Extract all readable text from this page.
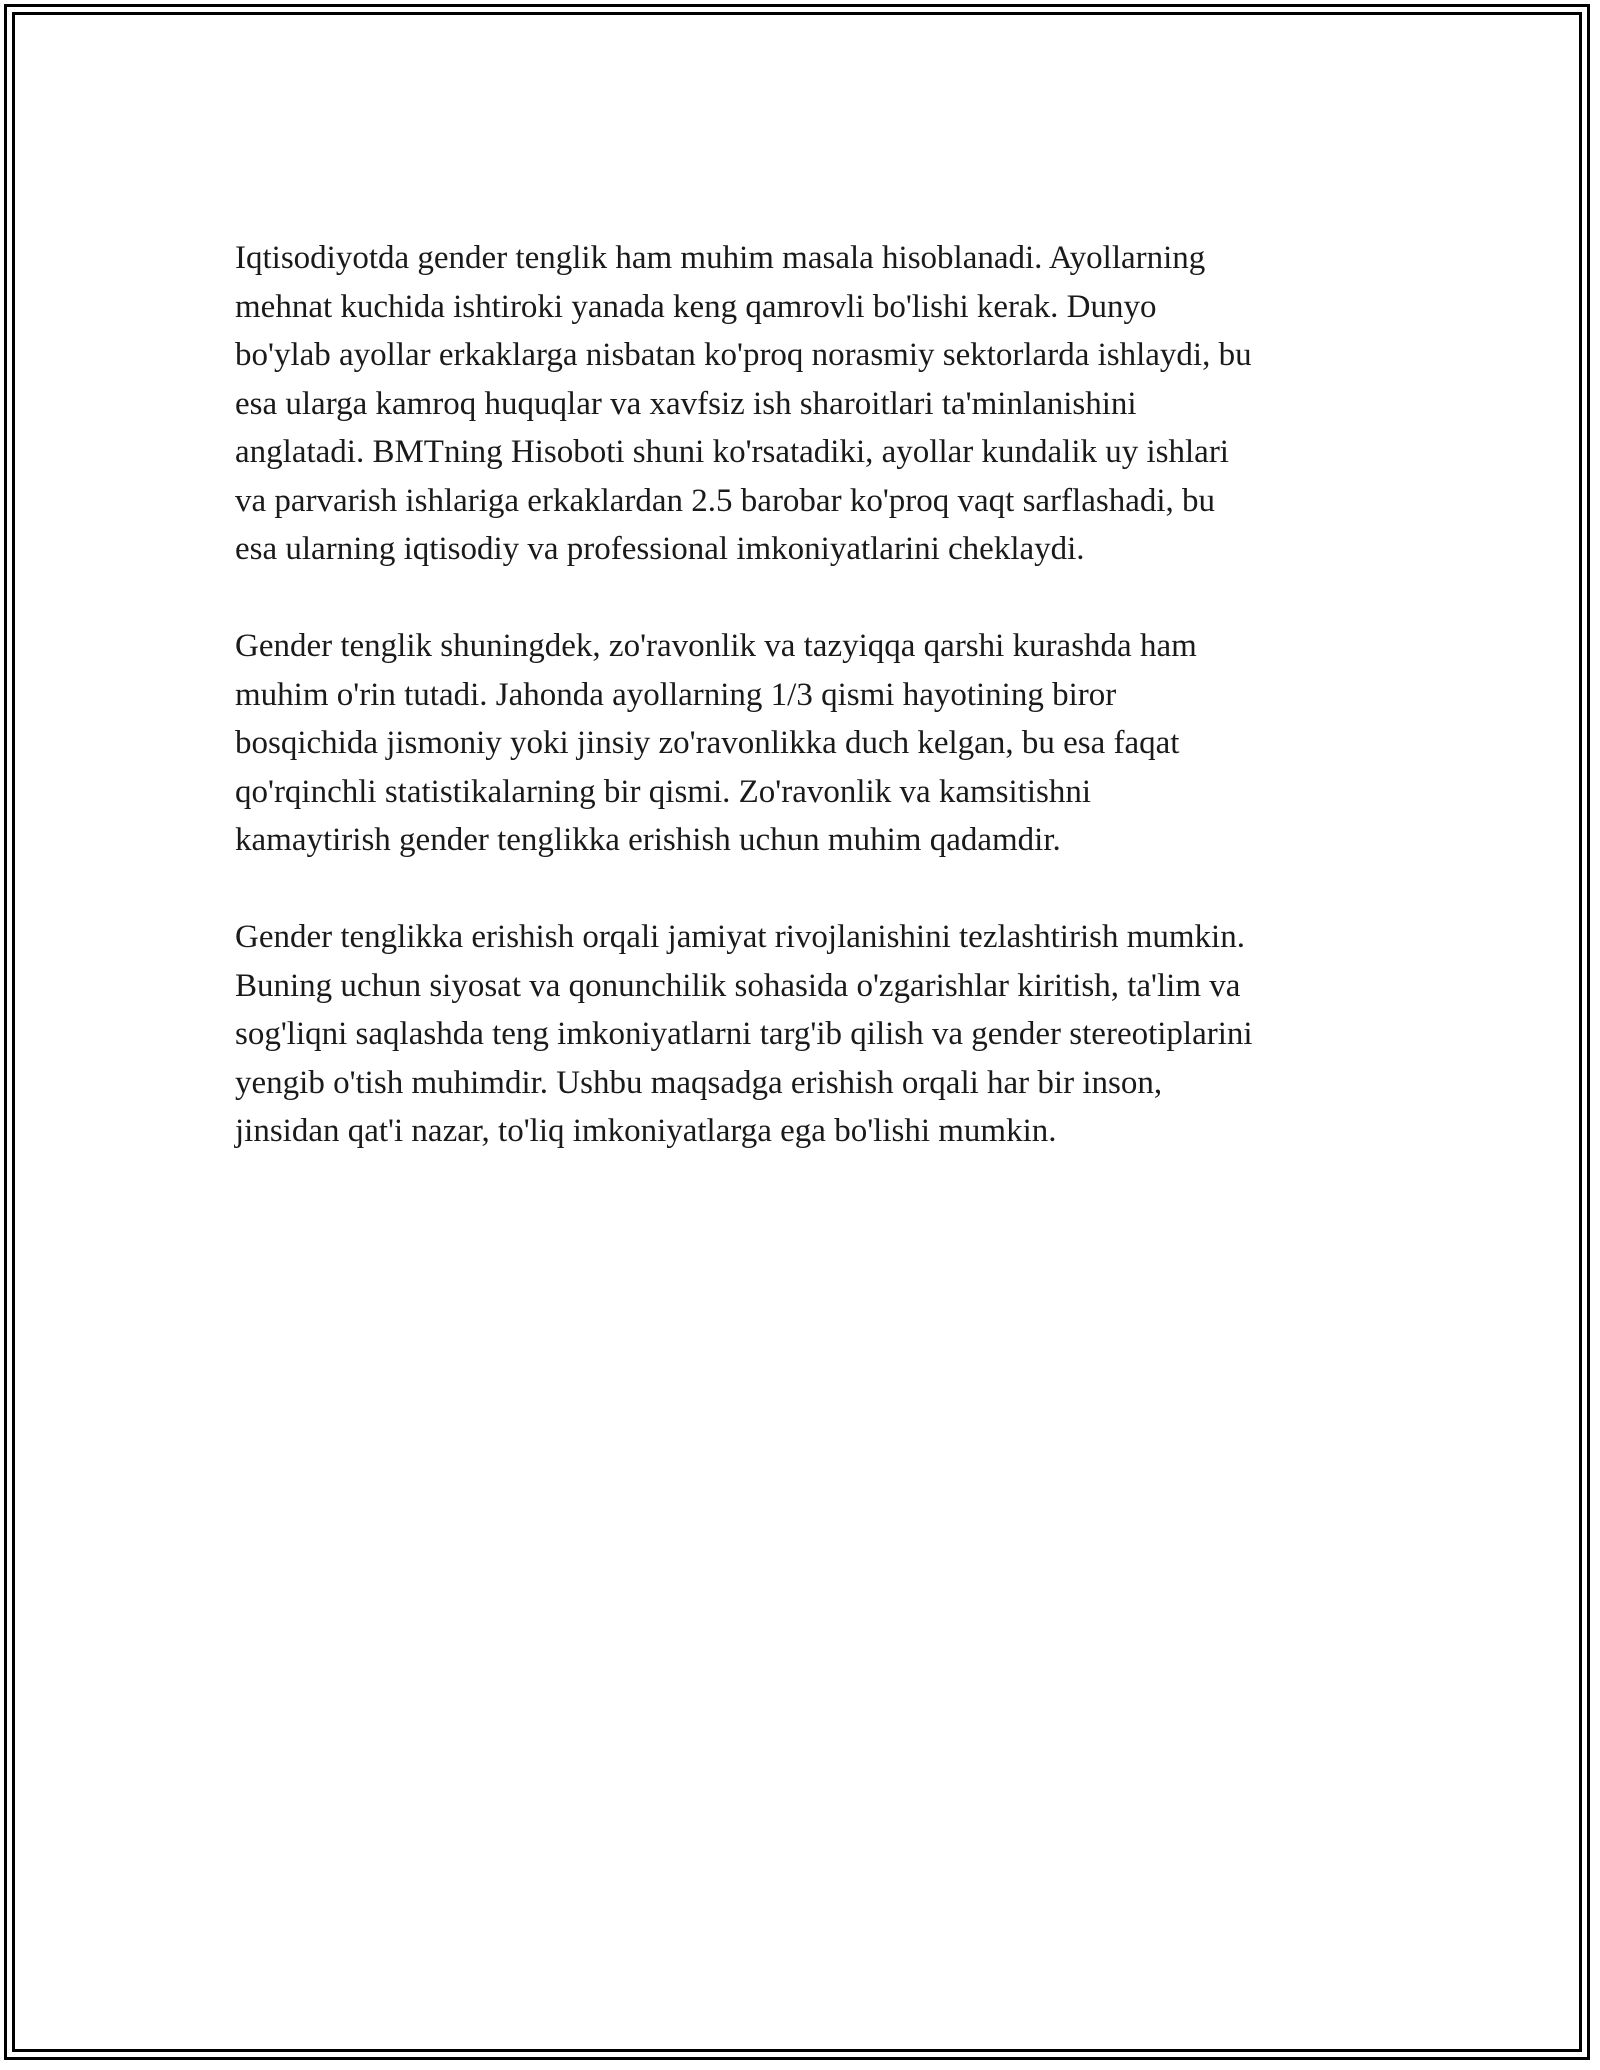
Iqtisodiyotda gender tenglik ham muhim masala hisoblanadi. Ayollarning
mehnat kuchida ishtiroki yanada keng qamrovli bo'lishi kerak. Dunyo
bo'ylab ayollar erkaklarga nisbatan ko'proq norasmiy sektorlarda ishlaydi, bu
esa ularga kamroq huquqlar va xavfsiz ish sharoitlari ta'minlanishini
anglatadi. BMTning Hisoboti shuni ko'rsatadiki, ayollar kundalik uy ishlari
va parvarish ishlariga erkaklardan 2.5 barobar ko'proq vaqt sarflashadi, bu
esa ularning iqtisodiy va professional imkoniyatlarini cheklaydi.

Gender tenglik shuningdek, zo'ravonlik va tazyiqqa qarshi kurashda ham
muhim o'rin tutadi. Jahonda ayollarning 1/3 qismi hayotining biror
bosqichida jismoniy yoki jinsiy zo'ravonlikka duch kelgan, bu esa faqat
qo'rqinchli statistikalarning bir qismi. Zo'ravonlik va kamsitishni
kamaytirish gender tenglikka erishish uchun muhim qadamdir.

Gender tenglikka erishish orqali jamiyat rivojlanishini tezlashtirish mumkin.
Buning uchun siyosat va qonunchilik sohasida o'zgarishlar kiritish, ta'lim va
sog'liqni saqlashda teng imkoniyatlarni targ'ib qilish va gender stereotiplarini
yengib o'tish muhimdir. Ushbu maqsadga erishish orqali har bir inson,
jinsidan qat'i nazar, to'liq imkoniyatlarga ega bo'lishi mumkin.
